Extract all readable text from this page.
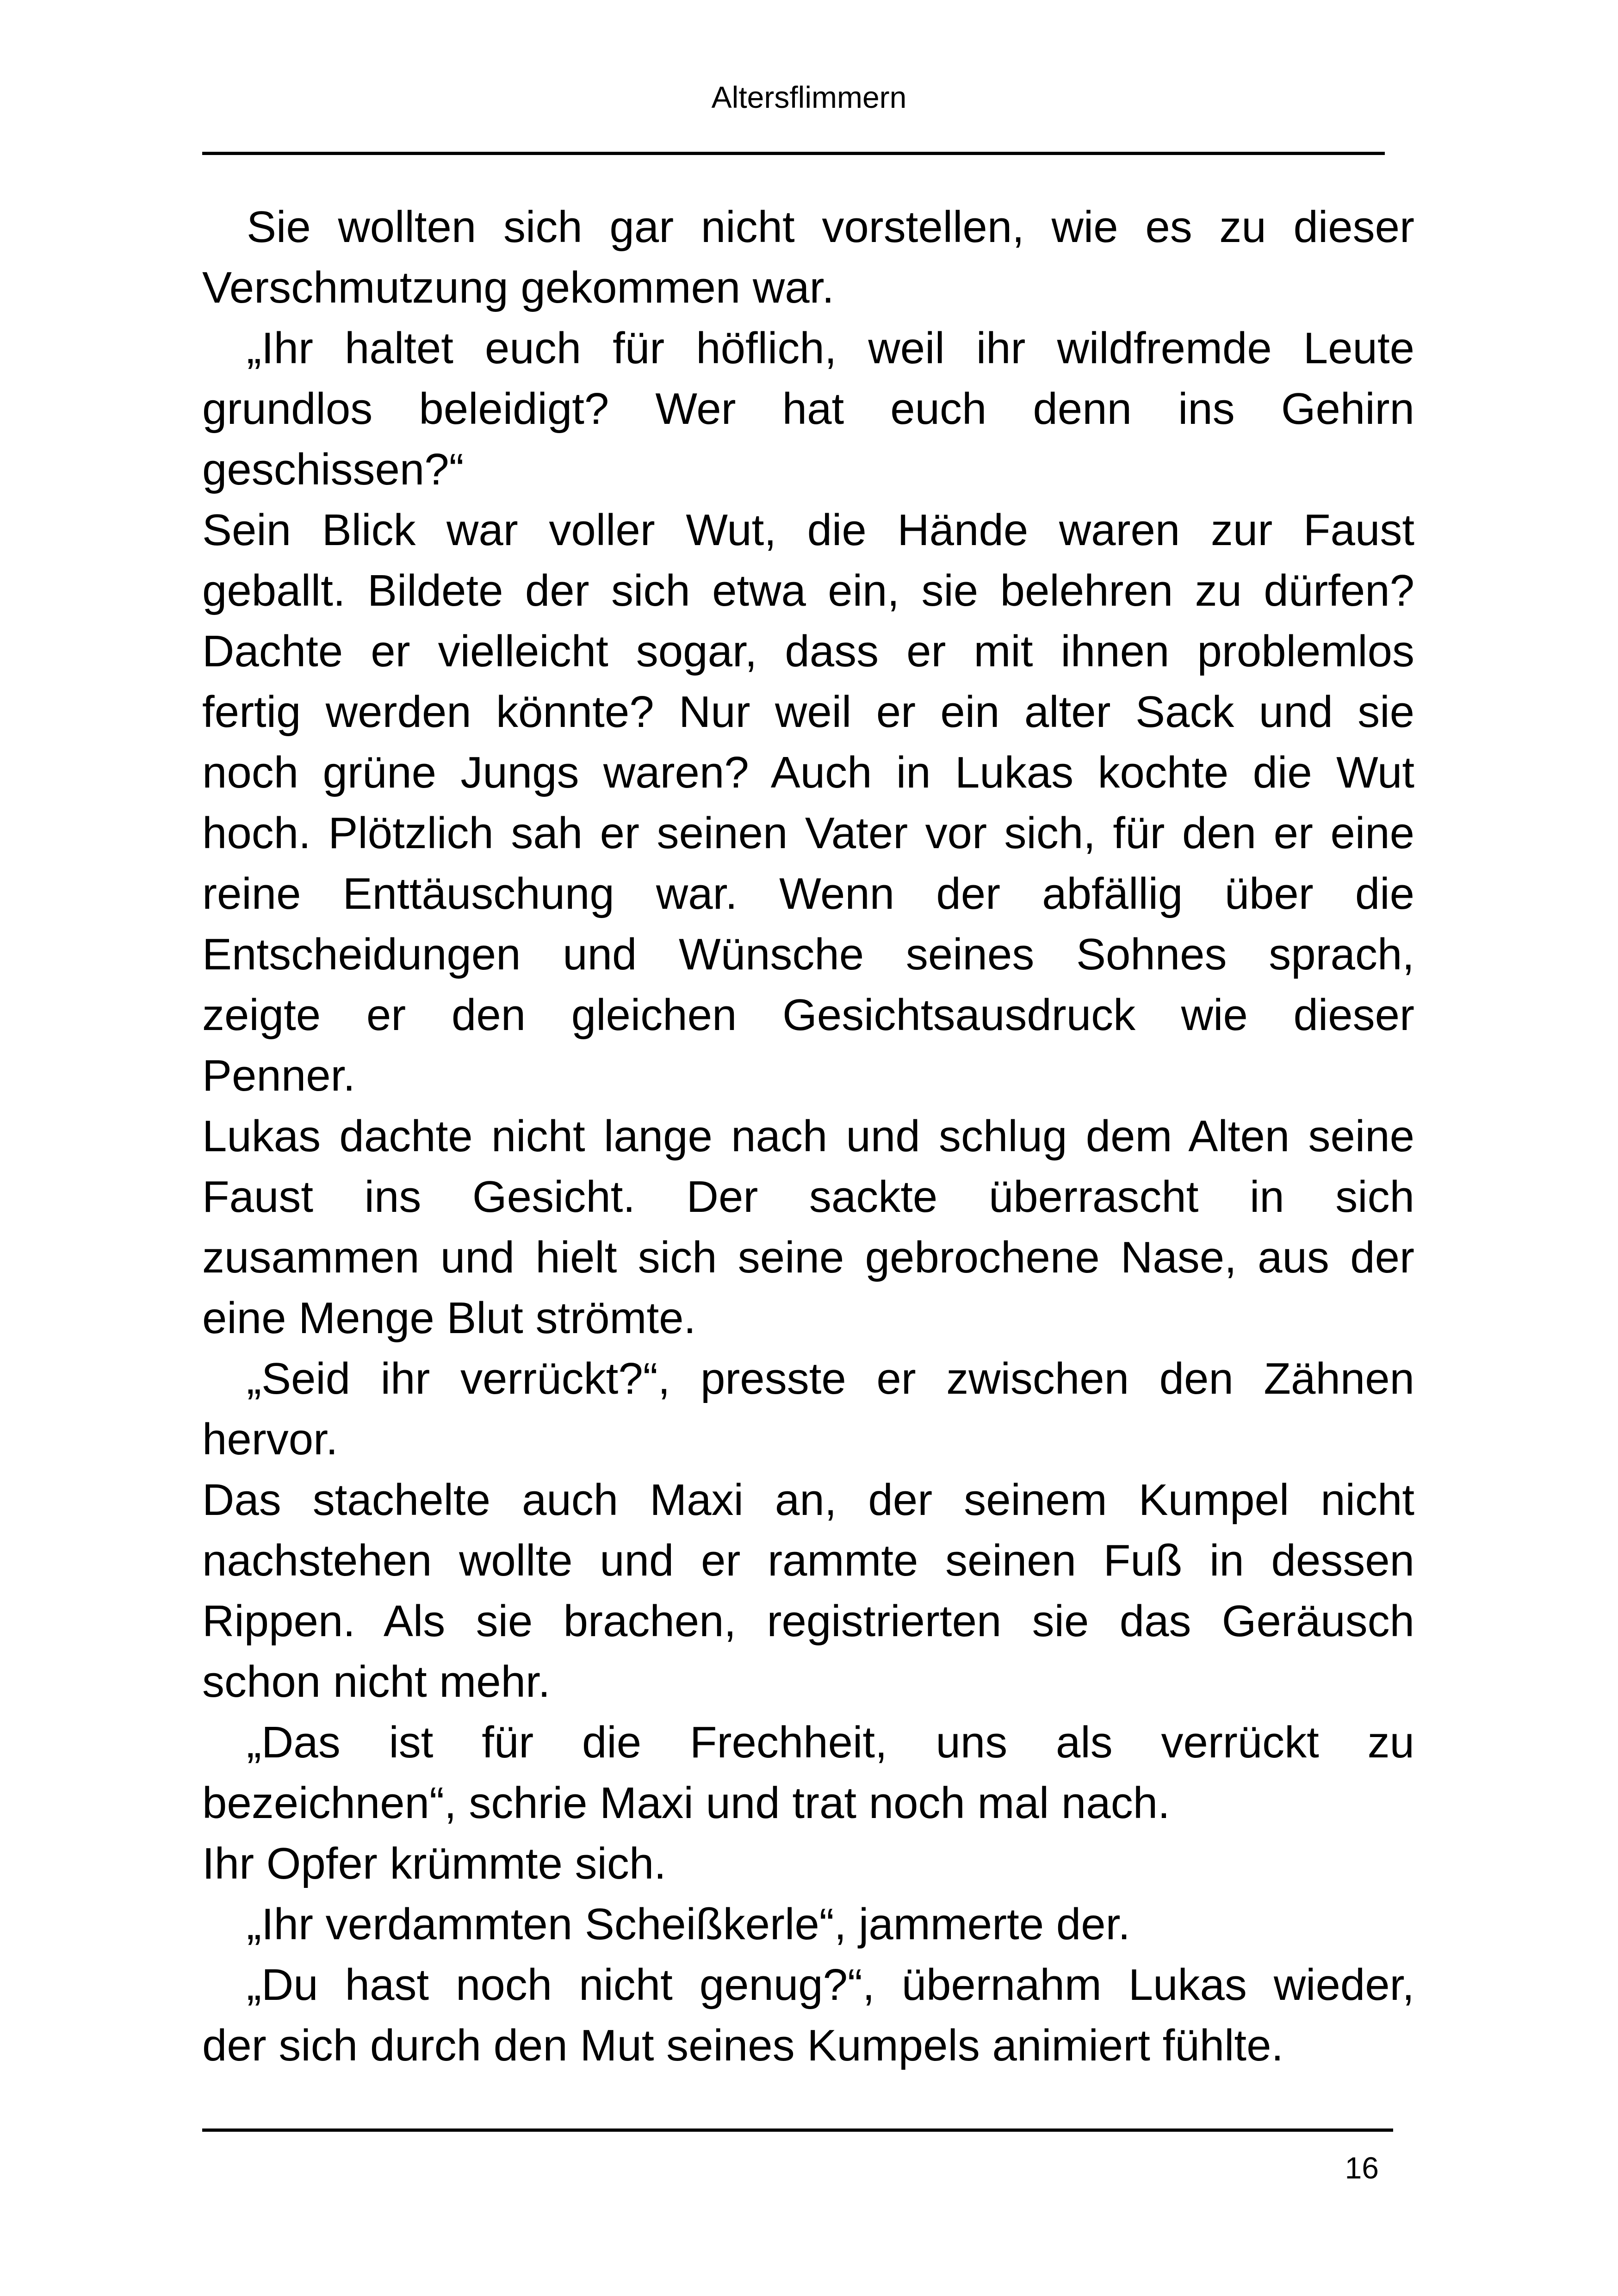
Altersflimmern
Sie wollten sich gar nicht vorstellen, wie es zu dieser
Verschmutzung gekommen war.
„Ihr haltet euch für höflich, weil ihr wildfremde Leute
grundlos beleidigt? Wer hat euch denn ins Gehirn
geschissen?“
Sein Blick war voller Wut, die Hände waren zur Faust
geballt. Bildete der sich etwa ein, sie belehren zu dürfen?
Dachte er vielleicht sogar, dass er mit ihnen problemlos
fertig werden könnte? Nur weil er ein alter Sack und sie
noch grüne Jungs waren? Auch in Lukas kochte die Wut
hoch. Plötzlich sah er seinen Vater vor sich, für den er eine
reine Enttäuschung war. Wenn der abfällig über die
Entscheidungen und Wünsche seines Sohnes sprach,
zeigte er den gleichen Gesichtsausdruck wie dieser
Penner.
Lukas dachte nicht lange nach und schlug dem Alten seine
Faust ins Gesicht. Der sackte überrascht in sich
zusammen und hielt sich seine gebrochene Nase, aus der
eine Menge Blut strömte.
„Seid ihr verrückt?“, presste er zwischen den Zähnen
hervor.
Das stachelte auch Maxi an, der seinem Kumpel nicht
nachstehen wollte und er rammte seinen Fuß in dessen
Rippen. Als sie brachen, registrierten sie das Geräusch
schon nicht mehr.
„Das ist für die Frechheit, uns als verrückt zu
bezeichnen“, schrie Maxi und trat noch mal nach.
Ihr Opfer krümmte sich.
„Ihr verdammten Scheißkerle“, jammerte der.
„Du hast noch nicht genug?“, übernahm Lukas wieder,
der sich durch den Mut seines Kumpels animiert fühlte.
16
